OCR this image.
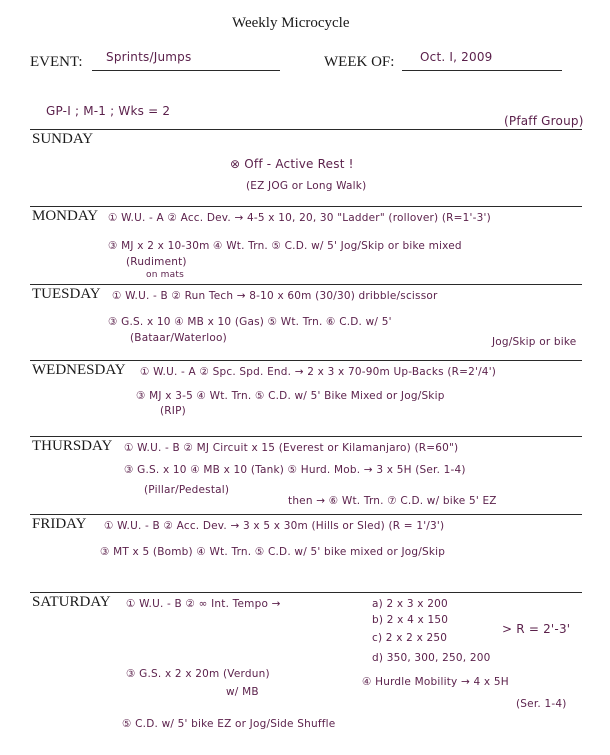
Weekly Microcycle
EVENT: Sprints/Jumps	WEEK OF: Oct. I, 2009
GP-I ; M-1 ; Wks = 2
(Pfaff Group)
SUNDAY
⊗ Off - Active Rest !
(EZ JOG or Long Walk)
MONDAY ① W.U. - A ② Acc. Dev. → 4-5 x 10, 20, 30 "Ladder" (rollover) (R=1'-3')
③ MJ x 2 x 10-30m ④ Wt. Trn. ⑤ C.D. w/ 5' Jog/Skip or bike mixed
(Rudiment)
on mats
TUESDAY ① W.U. - B ② Run Tech → 8-10 x 60m (30/30) dribble/scissor
③ G.S. x 10 ④ MB x 10 (Gas) ⑤ Wt. Trn. ⑥ C.D. w/ 5'
(Bataar/Waterloo)	Jog/Skip or bike
WEDNESDAY ① W.U. - A ② Spc. Spd. End. → 2 x 3 x 70-90m Up-Backs (R=2'/4')
③ MJ x 3-5 ④ Wt. Trn. ⑤ C.D. w/ 5' Bike Mixed or Jog/Skip
(RIP)
THURSDAY ① W.U. - B ② MJ Circuit x 15 (Everest or Kilamanjaro) (R=60")
③ G.S. x 10 ④ MB x 10 (Tank) ⑤ Hurd. Mob. → 3 x 5H (Ser. 1-4)
(Pillar/Pedestal)
then → ⑥ Wt. Trn. ⑦ C.D. w/ bike 5' EZ
FRIDAY ① W.U. - B ② Acc. Dev. → 3 x 5 x 30m (Hills or Sled) (R = 1'/3')
③ MT x 5 (Bomb) ④ Wt. Trn. ⑤ C.D. w/ 5' bike mixed or Jog/Skip
SATURDAY ① W.U. - B ② ∞ Int. Tempo →	a) 2 x 3 x 200
b) 2 x 4 x 150
c) 2 x 2 x 250
d) 350, 300, 250, 200
> R = 2'-3'
③ G.S. x 2 x 20m (Verdun)
w/ MB
④ Hurdle Mobility → 4 x 5H
(Ser. 1-4)
⑤ C.D. w/ 5' bike EZ or Jog/Side Shuffle
